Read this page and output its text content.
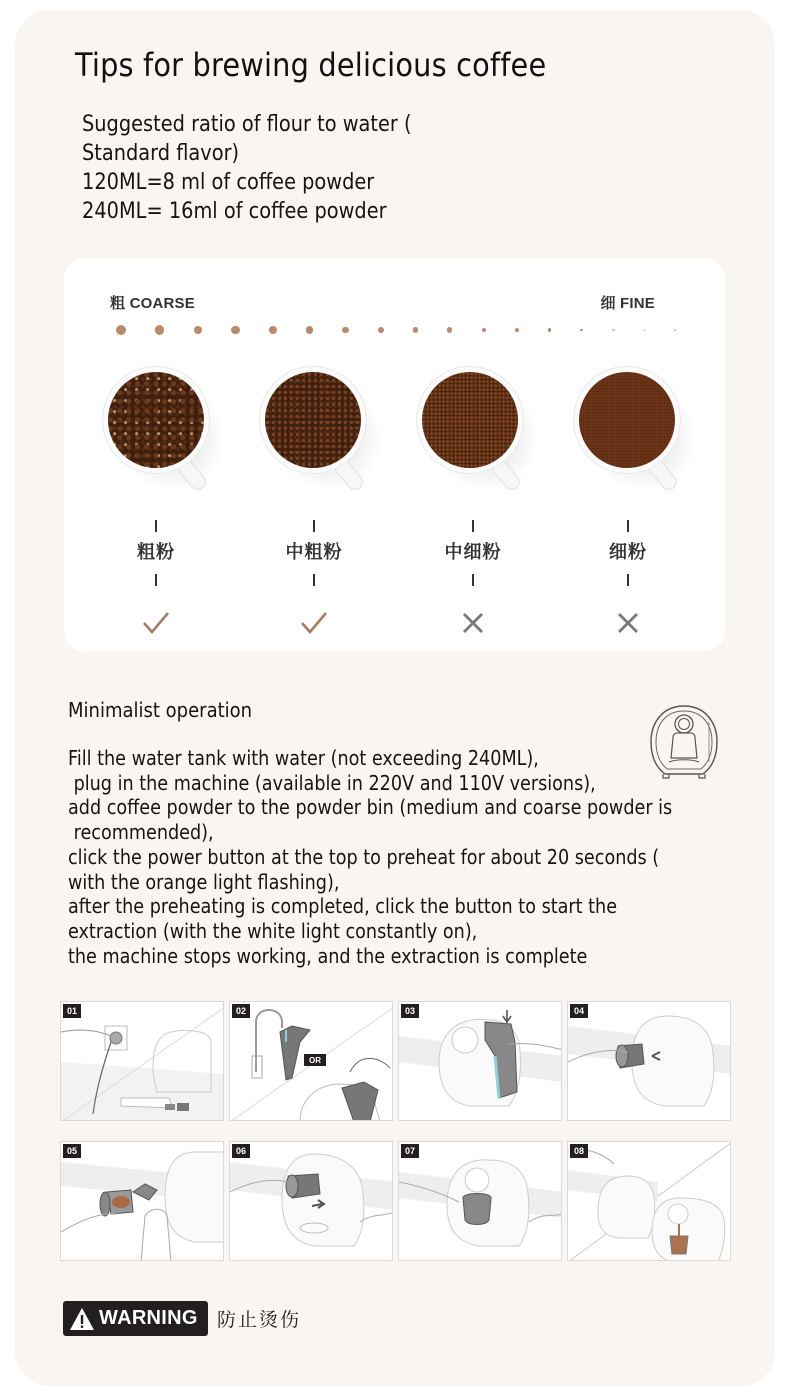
Tips for brewing delicious coffee
Suggested ratio of flour to water (
Standard flavor)
120ML=8 ml of coffee powder
240ML= 16ml of coffee powder
粗 COARSE	细 FINE
粗粉	中粗粉	中细粉	细粉
Minimalist operation
Fill the water tank with water (not exceeding 240ML),
plug in the machine (available in 220V and 110V versions),
add coffee powder to the powder bin (medium and coarse powder is
recommended),
click the power button at the top to preheat for about 20 seconds (
with the orange light flashing),
after the preheating is completed, click the button to start the
extraction (with the white light constantly on),
the machine stops working, and the extraction is complete
01	02
OR
03	04
05	06	07	08
WARNING 防止烫伤
